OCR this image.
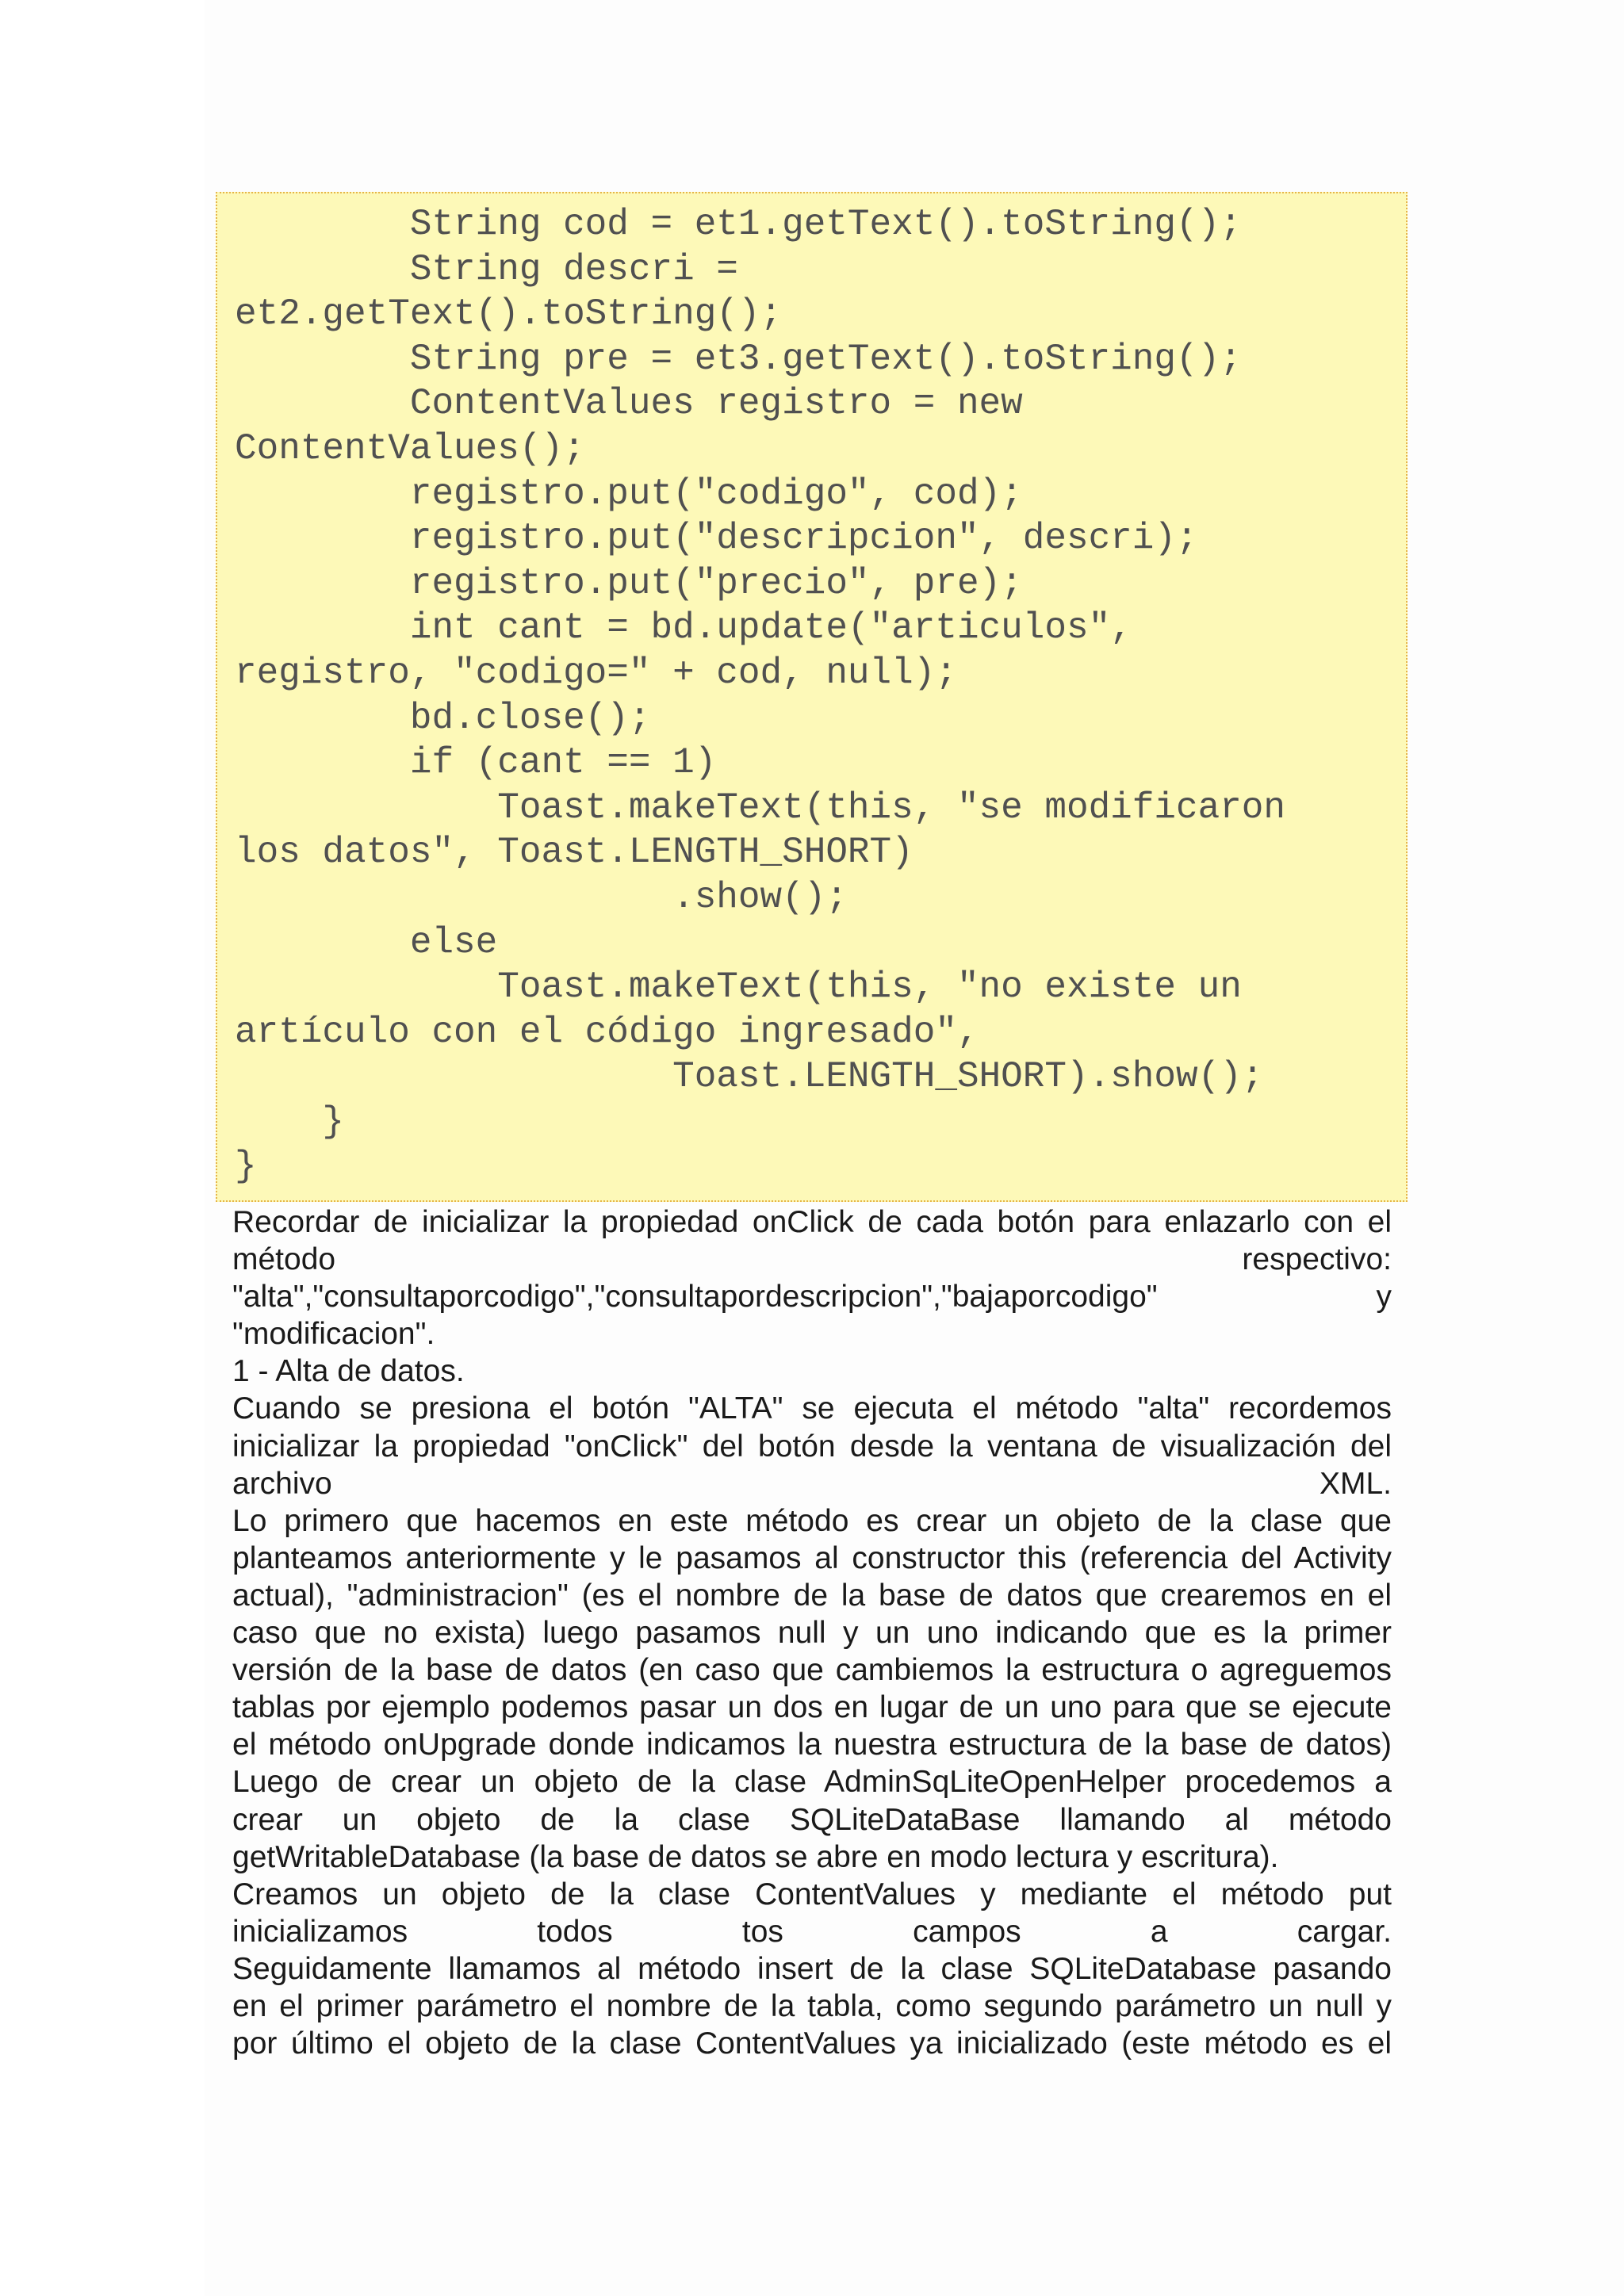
String cod = et1.getText().toString();
String descri =
et2.getText().toString();
String pre = et3.getText().toString();
ContentValues registro = new
ContentValues();
registro.put("codigo", cod);
registro.put("descripcion", descri);
registro.put("precio", pre);
int cant = bd.update("articulos",
registro, "codigo=" + cod, null);
bd.close();
if (cant == 1)
Toast.makeText(this, "se modificaron
los datos", Toast.LENGTH_SHORT)
.show();
else
Toast.makeText(this, "no existe un
artículo con el código ingresado",
Toast.LENGTH_SHORT).show();
}
}
Recordar de inicializar la propiedad onClick de cada botón para enlazarlo con el
método respectivo:
"alta","consultaporcodigo","consultapordescripcion","bajaporcodigo" y
"modificacion".
1 - Alta de datos.
Cuando se presiona el botón "ALTA" se ejecuta el método "alta" recordemos
inicializar la propiedad "onClick" del botón desde la ventana de visualización del
archivo XML.
Lo primero que hacemos en este método es crear un objeto de la clase que
planteamos anteriormente y le pasamos al constructor this (referencia del Activity
actual), "administracion" (es el nombre de la base de datos que crearemos en el
caso que no exista) luego pasamos null y un uno indicando que es la primer
versión de la base de datos (en caso que cambiemos la estructura o agreguemos
tablas por ejemplo podemos pasar un dos en lugar de un uno para que se ejecute
el método onUpgrade donde indicamos la nuestra estructura de la base de datos)
Luego de crear un objeto de la clase AdminSqLiteOpenHelper procedemos a
crear un objeto de la clase SQLiteDataBase llamando al método
getWritableDatabase (la base de datos se abre en modo lectura y escritura).
Creamos un objeto de la clase ContentValues y mediante el método put
inicializamos todos tos campos a cargar.
Seguidamente llamamos al método insert de la clase SQLiteDatabase pasando
en el primer parámetro el nombre de la tabla, como segundo parámetro un null y
por último el objeto de la clase ContentValues ya inicializado (este método es el
